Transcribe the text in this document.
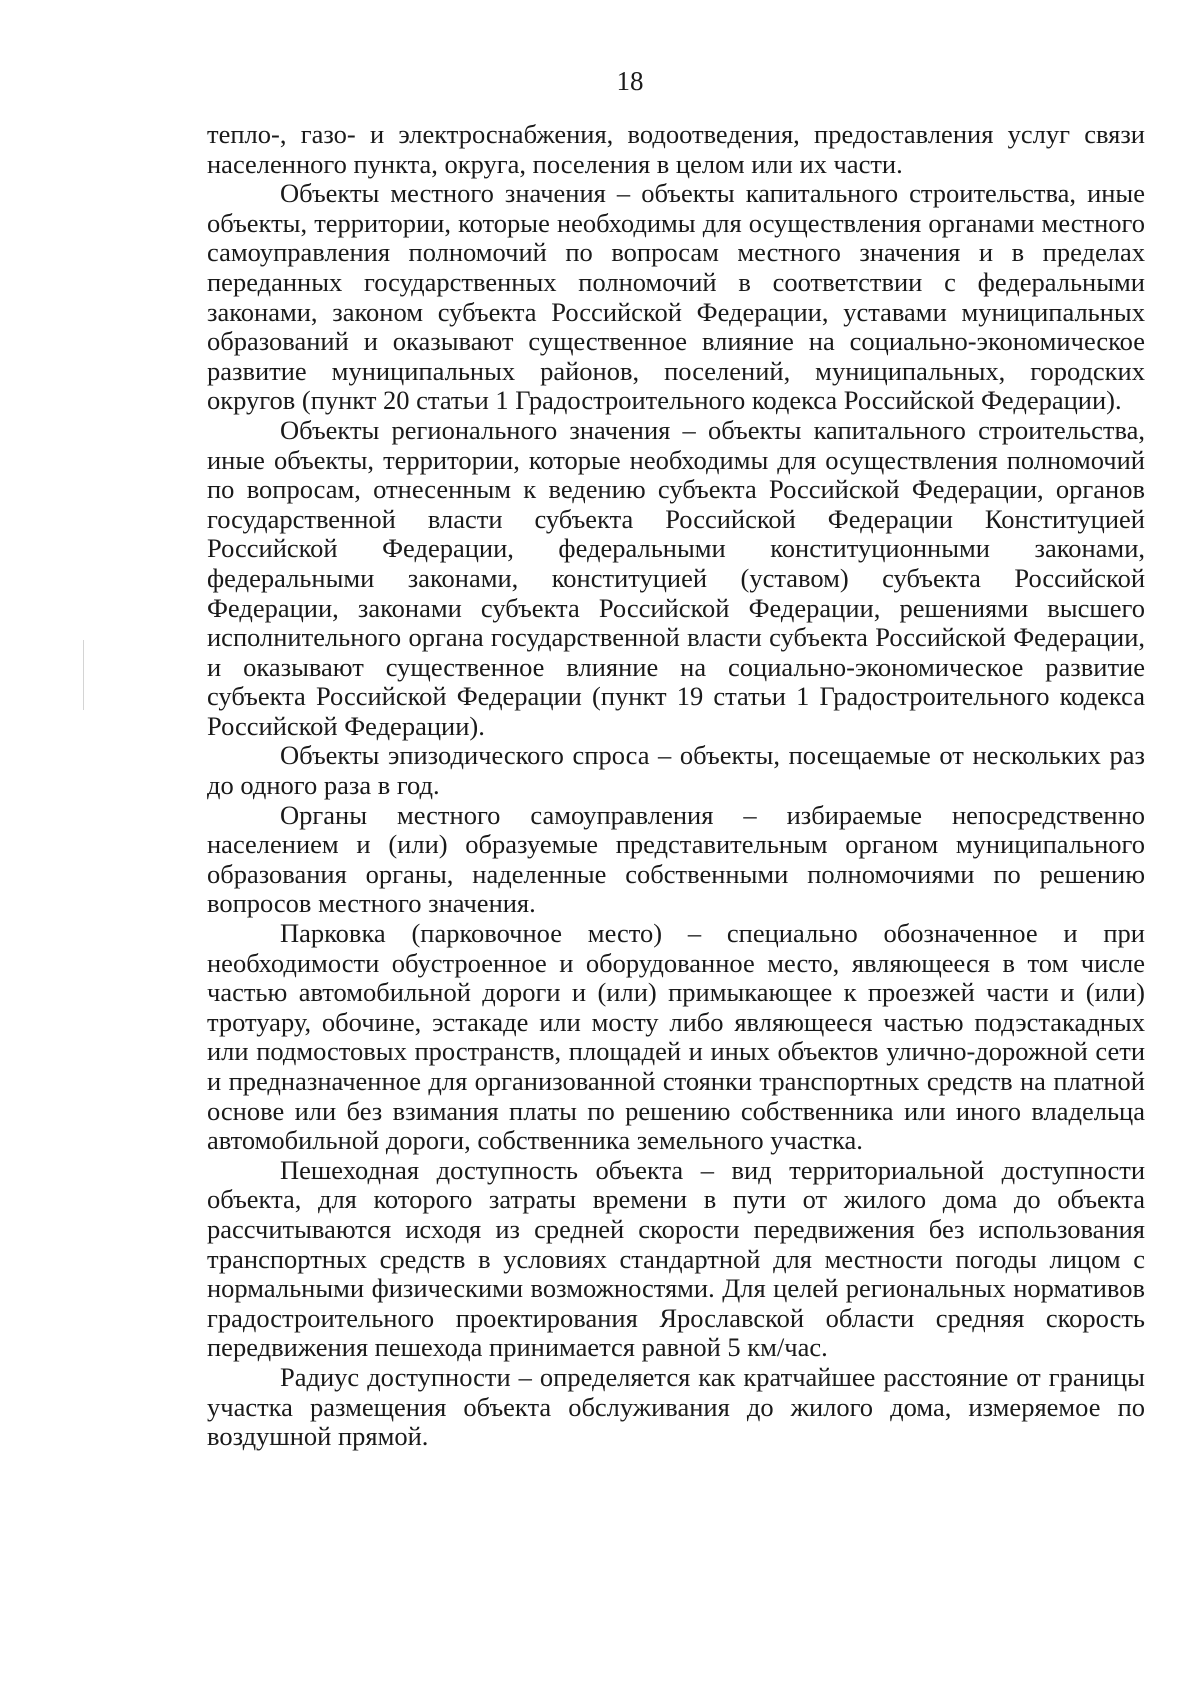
18

тепло-, газо- и электроснабжения, водоотведения, предоставления услуг связи населенного пункта, округа, поселения в целом или их части.

Объекты местного значения – объекты капитального строительства, иные объекты, территории, которые необходимы для осуществления органами местного самоуправления полномочий по вопросам местного значения и в пределах переданных государственных полномочий в соответствии с федеральными законами, законом субъекта Российской Федерации, уставами муниципальных образований и оказывают существенное влияние на социально-экономическое развитие муниципальных районов, поселений, муниципальных, городских округов (пункт 20 статьи 1 Градостроительного кодекса Российской Федерации).

Объекты регионального значения – объекты капитального строительства, иные объекты, территории, которые необходимы для осуществления полномочий по вопросам, отнесенным к ведению субъекта Российской Федерации, органов государственной власти субъекта Российской Федерации Конституцией Российской Федерации, федеральными конституционными законами, федеральными законами, конституцией (уставом) субъекта Российской Федерации, законами субъекта Российской Федерации, решениями высшего исполнительного органа государственной власти субъекта Российской Федерации, и оказывают существенное влияние на социально-экономическое развитие субъекта Российской Федерации (пункт 19 статьи 1 Градостроительного кодекса Российской Федерации).

Объекты эпизодического спроса – объекты, посещаемые от нескольких раз до одного раза в год.

Органы местного самоуправления – избираемые непосредственно населением и (или) образуемые представительным органом муниципального образования органы, наделенные собственными полномочиями по решению вопросов местного значения.

Парковка (парковочное место) – специально обозначенное и при необходимости обустроенное и оборудованное место, являющееся в том числе частью автомобильной дороги и (или) примыкающее к проезжей части и (или) тротуару, обочине, эстакаде или мосту либо являющееся частью подэстакадных или подмостовых пространств, площадей и иных объектов улично-дорожной сети и предназначенное для организованной стоянки транспортных средств на платной основе или без взимания платы по решению собственника или иного владельца автомобильной дороги, собственника земельного участка.

Пешеходная доступность объекта – вид территориальной доступности объекта, для которого затраты времени в пути от жилого дома до объекта рассчитываются исходя из средней скорости передвижения без использования транспортных средств в условиях стандартной для местности погоды лицом с нормальными физическими возможностями. Для целей региональных нормативов градостроительного проектирования Ярославской области средняя скорость передвижения пешехода принимается равной 5 км/час.

Радиус доступности – определяется как кратчайшее расстояние от границы участка размещения объекта обслуживания до жилого дома, измеряемое по воздушной прямой.
